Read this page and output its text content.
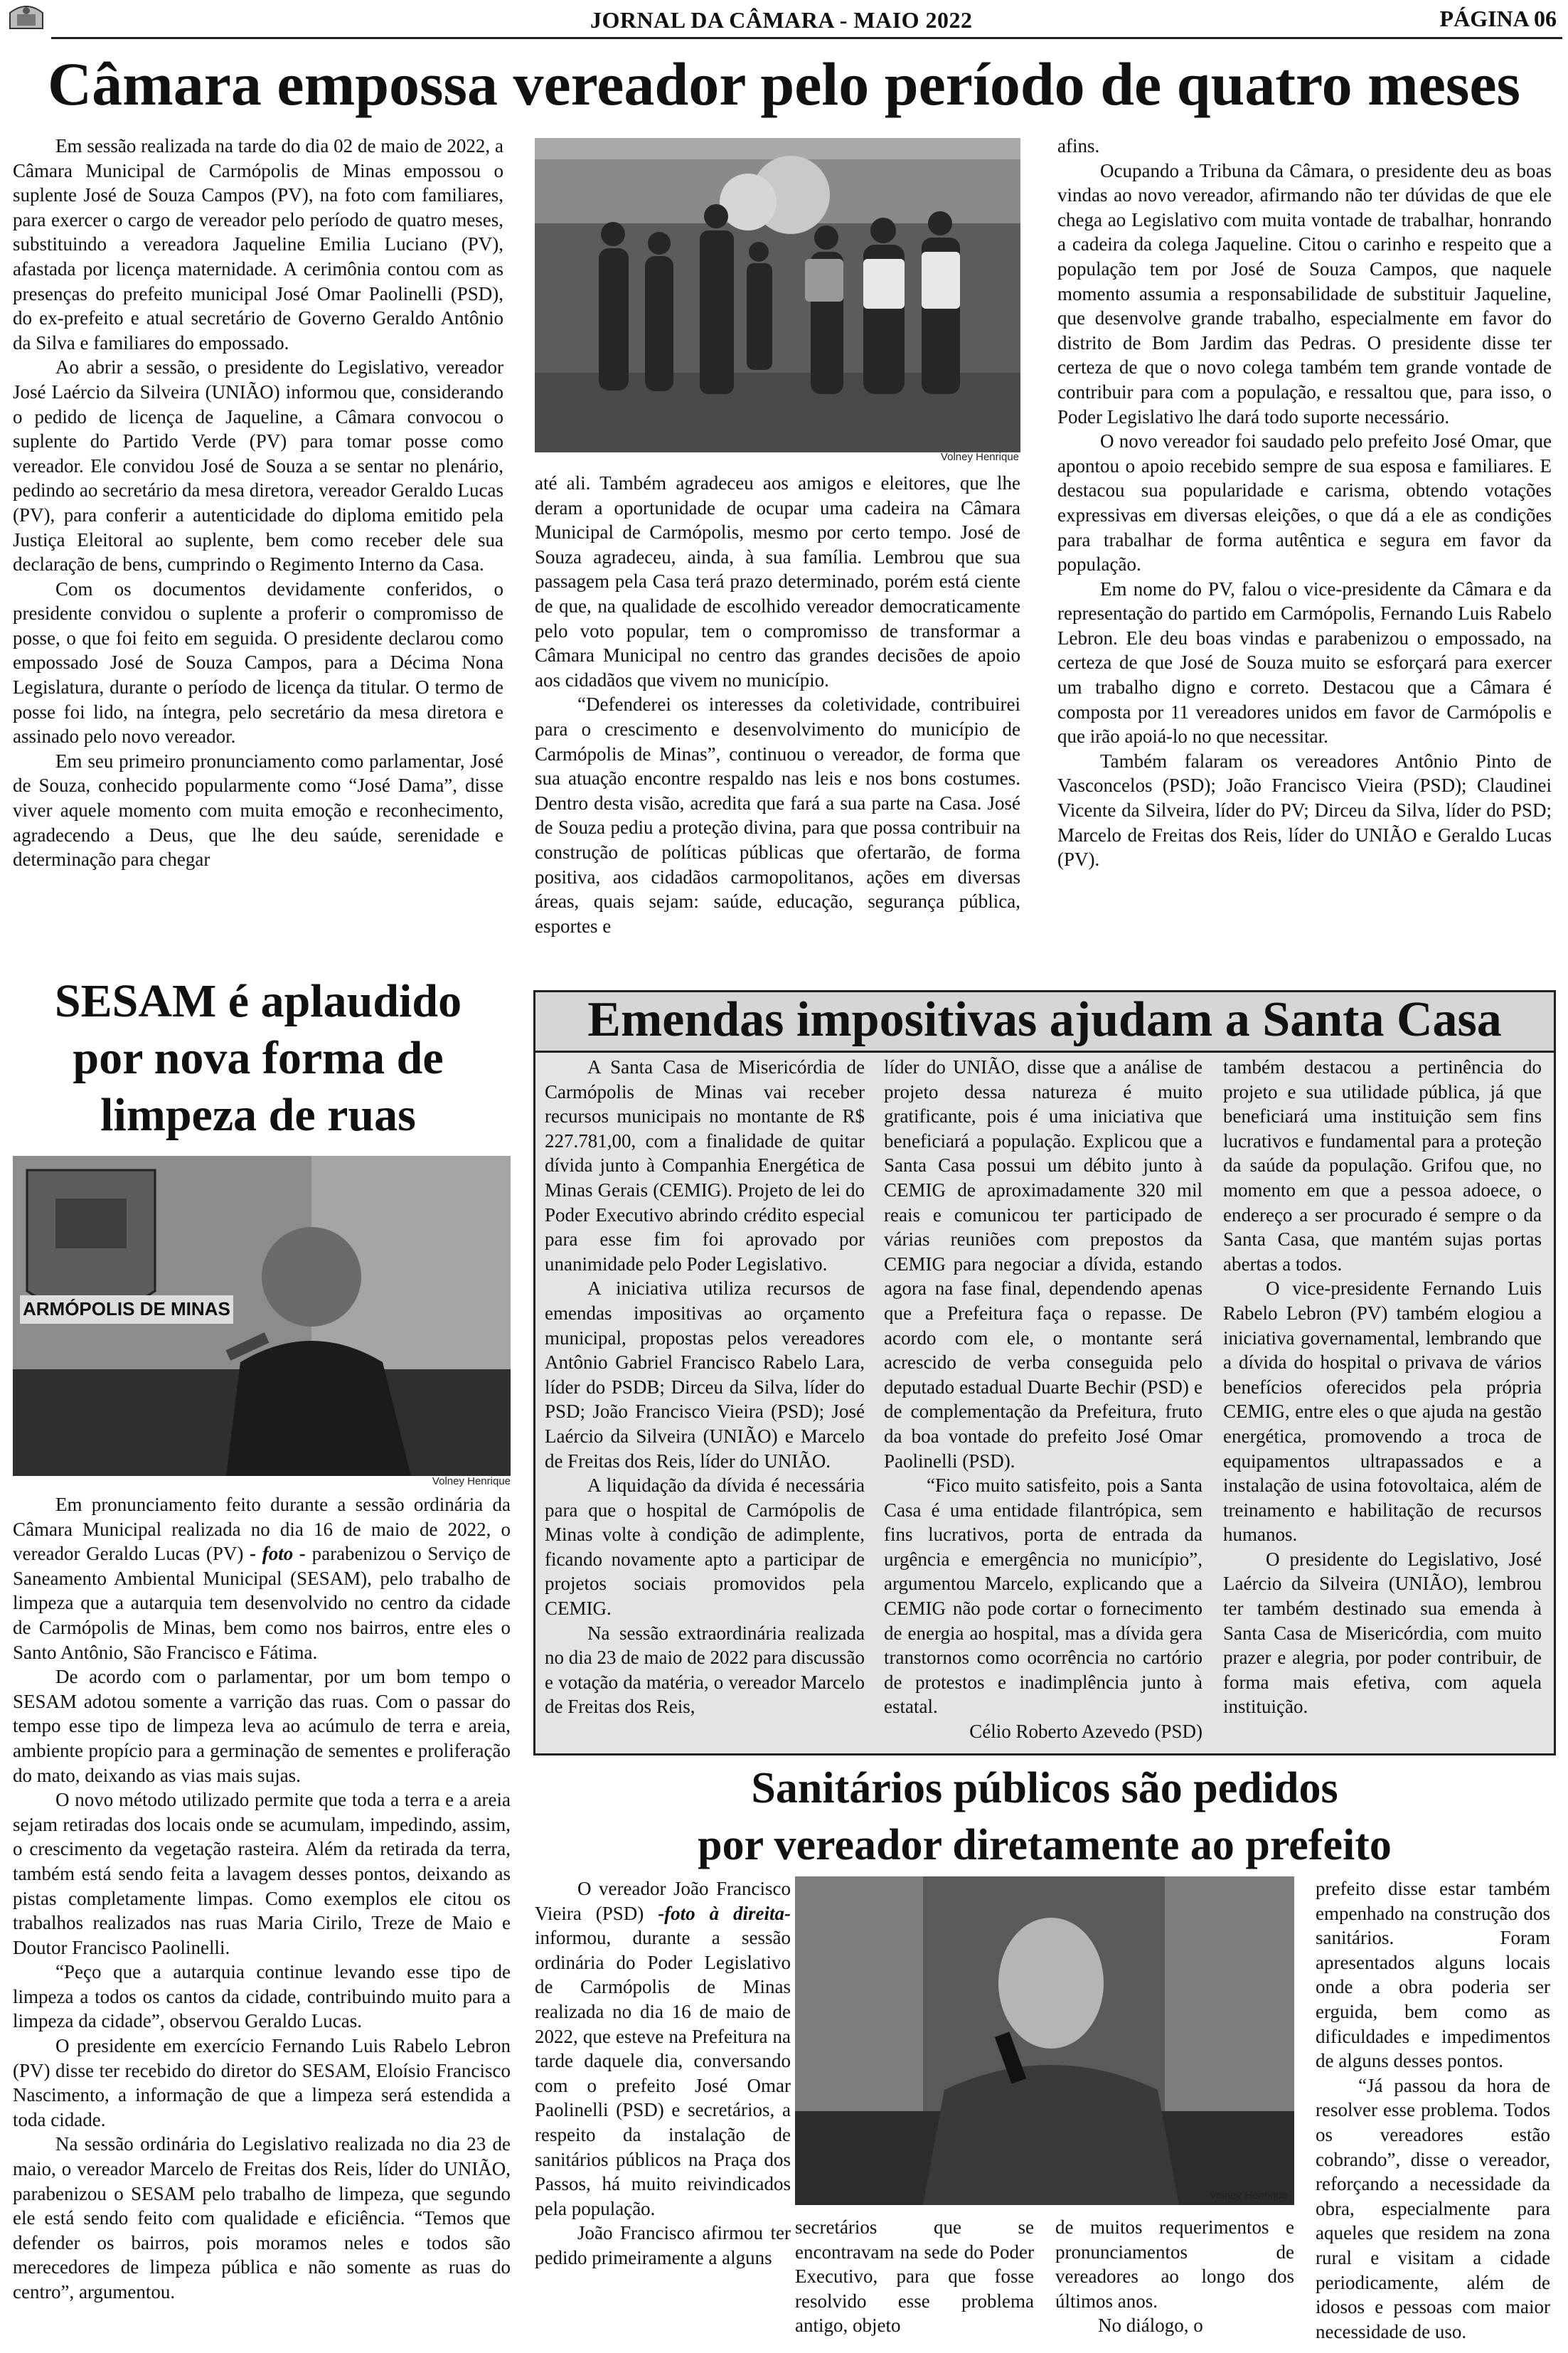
JORNAL DA CÂMARA - MAIO 2022	PÁGINA 06
Câmara empossa vereador pelo período de quatro meses

Em sessão realizada na tarde do dia 02 de maio de 2022, a Câmara Municipal de Carmópolis de Minas empossou o suplente José de Souza Campos (PV), na foto com familiares, para exercer o cargo de vereador pelo período de quatro meses, substituindo a vereadora Jaqueline Emilia Luciano (PV), afastada por licença maternidade. A cerimônia contou com as presenças do prefeito municipal José Omar Paolinelli (PSD), do ex-prefeito e atual secretário de Governo Geraldo Antônio da Silva e familiares do empossado.

Ao abrir a sessão, o presidente do Legislativo, vereador José Laércio da Silveira (UNIÃO) informou que, considerando o pedido de licença de Jaqueline, a Câmara convocou o suplente do Partido Verde (PV) para tomar posse como vereador. Ele convidou José de Souza a se sentar no plenário, pedindo ao secretário da mesa diretora, vereador Geraldo Lucas (PV), para conferir a autenticidade do diploma emitido pela Justiça Eleitoral ao suplente, bem como receber dele sua declaração de bens, cumprindo o Regimento Interno da Casa.

Com os documentos devidamente conferidos, o presidente convidou o suplente a proferir o compromisso de posse, o que foi feito em seguida. O presidente declarou como empossado José de Souza Campos, para a Décima Nona Legislatura, durante o período de licença da titular. O termo de posse foi lido, na íntegra, pelo secretário da mesa diretora e assinado pelo novo vereador.

Em seu primeiro pronunciamento como parlamentar, José de Souza, conhecido popularmente como “José Dama”, disse viver aquele momento com muita emoção e reconhecimento, agradecendo a Deus, que lhe deu saúde, serenidade e determinação para chegar

Volney Henrique

até ali. Também agradeceu aos amigos e eleitores, que lhe deram a oportunidade de ocupar uma cadeira na Câmara Municipal de Carmópolis, mesmo por certo tempo. José de Souza agradeceu, ainda, à sua família. Lembrou que sua passagem pela Casa terá prazo determinado, porém está ciente de que, na qualidade de escolhido vereador democraticamente pelo voto popular, tem o compromisso de transformar a Câmara Municipal no centro das grandes decisões de apoio aos cidadãos que vivem no município.

“Defenderei os interesses da coletividade, contribuirei para o crescimento e desenvolvimento do município de Carmópolis de Minas”, continuou o vereador, de forma que sua atuação encontre respaldo nas leis e nos bons costumes. Dentro desta visão, acredita que fará a sua parte na Casa. José de Souza pediu a proteção divina, para que possa contribuir na construção de políticas públicas que ofertarão, de forma positiva, aos cidadãos carmopolitanos, ações em diversas áreas, quais sejam: saúde, educação, segurança pública, esportes e

afins.

Ocupando a Tribuna da Câmara, o presidente deu as boas vindas ao novo vereador, afirmando não ter dúvidas de que ele chega ao Legislativo com muita vontade de trabalhar, honrando a cadeira da colega Jaqueline. Citou o carinho e respeito que a população tem por José de Souza Campos, que naquele momento assumia a responsabilidade de substituir Jaqueline, que desenvolve grande trabalho, especialmente em favor do distrito de Bom Jardim das Pedras. O presidente disse ter certeza de que o novo colega também tem grande vontade de contribuir para com a população, e ressaltou que, para isso, o Poder Legislativo lhe dará todo suporte necessário.

O novo vereador foi saudado pelo prefeito José Omar, que apontou o apoio recebido sempre de sua esposa e familiares. E destacou sua popularidade e carisma, obtendo votações expressivas em diversas eleições, o que dá a ele as condições para trabalhar de forma autêntica e segura em favor da população.

Em nome do PV, falou o vice-presidente da Câmara e da representação do partido em Carmópolis, Fernando Luis Rabelo Lebron. Ele deu boas vindas e parabenizou o empossado, na certeza de que José de Souza muito se esforçará para exercer um trabalho digno e correto. Destacou que a Câmara é composta por 11 vereadores unidos em favor de Carmópolis e que irão apoiá-lo no que necessitar.

Também falaram os vereadores Antônio Pinto de Vasconcelos (PSD); João Francisco Vieira (PSD); Claudinei Vicente da Silveira, líder do PV; Dirceu da Silva, líder do PSD; Marcelo de Freitas dos Reis, líder do UNIÃO e Geraldo Lucas (PV).

SESAM é aplaudido
por nova forma de
limpeza de ruas
ARMÓPOLIS DE MINAS
Volney Henrique

Em pronunciamento feito durante a sessão ordinária da Câmara Municipal realizada no dia 16 de maio de 2022, o vereador Geraldo Lucas (PV) - foto - parabenizou o Serviço de Saneamento Ambiental Municipal (SESAM), pelo trabalho de limpeza que a autarquia tem desenvolvido no centro da cidade de Carmópolis de Minas, bem como nos bairros, entre eles o Santo Antônio, São Francisco e Fátima.

De acordo com o parlamentar, por um bom tempo o SESAM adotou somente a varrição das ruas. Com o passar do tempo esse tipo de limpeza leva ao acúmulo de terra e areia, ambiente propício para a germinação de sementes e proliferação do mato, deixando as vias mais sujas.

O novo método utilizado permite que toda a terra e a areia sejam retiradas dos locais onde se acumulam, impedindo, assim, o crescimento da vegetação rasteira. Além da retirada da terra, também está sendo feita a lavagem desses pontos, deixando as pistas completamente limpas. Como exemplos ele citou os trabalhos realizados nas ruas Maria Cirilo, Treze de Maio e Doutor Francisco Paolinelli.

“Peço que a autarquia continue levando esse tipo de limpeza a todos os cantos da cidade, contribuindo muito para a limpeza da cidade”, observou Geraldo Lucas.

O presidente em exercício Fernando Luis Rabelo Lebron (PV) disse ter recebido do diretor do SESAM, Eloísio Francisco Nascimento, a informação de que a limpeza será estendida a toda cidade.

Na sessão ordinária do Legislativo realizada no dia 23 de maio, o vereador Marcelo de Freitas dos Reis, líder do UNIÃO, parabenizou o SESAM pelo trabalho de limpeza, que segundo ele está sendo feito com qualidade e eficiência. “Temos que defender os bairros, pois moramos neles e todos são merecedores de limpeza pública e não somente as ruas do centro”, argumentou.

Emendas impositivas ajudam a Santa Casa

A Santa Casa de Misericórdia de Carmópolis de Minas vai receber recursos municipais no montante de R$ 227.781,00, com a finalidade de quitar dívida junto à Companhia Energética de Minas Gerais (CEMIG). Projeto de lei do Poder Executivo abrindo crédito especial para esse fim foi aprovado por unanimidade pelo Poder Legislativo.

A iniciativa utiliza recursos de emendas impositivas ao orçamento municipal, propostas pelos vereadores Antônio Gabriel Francisco Rabelo Lara, líder do PSDB; Dirceu da Silva, líder do PSD; João Francisco Vieira (PSD); José Laércio da Silveira (UNIÃO) e Marcelo de Freitas dos Reis, líder do UNIÃO.

A liquidação da dívida é necessária para que o hospital de Carmópolis de Minas volte à condição de adimplente, ficando novamente apto a participar de projetos sociais promovidos pela CEMIG.

Na sessão extraordinária realizada no dia 23 de maio de 2022 para discussão e votação da matéria, o vereador Marcelo de Freitas dos Reis,

líder do UNIÃO, disse que a análise de projeto dessa natureza é muito gratificante, pois é uma iniciativa que beneficiará a população. Explicou que a Santa Casa possui um débito junto à CEMIG de aproximadamente 320 mil reais e comunicou ter participado de várias reuniões com prepostos da CEMIG para negociar a dívida, estando agora na fase final, dependendo apenas que a Prefeitura faça o repasse. De acordo com ele, o montante será acrescido de verba conseguida pelo deputado estadual Duarte Bechir (PSD) e de complementação da Prefeitura, fruto da boa vontade do prefeito José Omar Paolinelli (PSD).

“Fico muito satisfeito, pois a Santa Casa é uma entidade filantrópica, sem fins lucrativos, porta de entrada da urgência e emergência no município”, argumentou Marcelo, explicando que a CEMIG não pode cortar o fornecimento de energia ao hospital, mas a dívida gera transtornos como ocorrência no cartório de protestos e inadimplência junto à estatal.

Célio Roberto Azevedo (PSD)

também destacou a pertinência do projeto e sua utilidade pública, já que beneficiará uma instituição sem fins lucrativos e fundamental para a proteção da saúde da população. Grifou que, no momento em que a pessoa adoece, o endereço a ser procurado é sempre o da Santa Casa, que mantém sujas portas abertas a todos.

O vice-presidente Fernando Luis Rabelo Lebron (PV) também elogiou a iniciativa governamental, lembrando que a dívida do hospital o privava de vários benefícios oferecidos pela própria CEMIG, entre eles o que ajuda na gestão energética, promovendo a troca de equipamentos ultrapassados e a instalação de usina fotovoltaica, além de treinamento e habilitação de recursos humanos.

O presidente do Legislativo, José Laércio da Silveira (UNIÃO), lembrou ter também destinado sua emenda à Santa Casa de Misericórdia, com muito prazer e alegria, por poder contribuir, de forma mais efetiva, com aquela instituição.

Sanitários públicos são pedidos
por vereador diretamente ao prefeito

O vereador João Francisco Vieira (PSD) -foto à direita- informou, durante a sessão ordinária do Poder Legislativo de Carmópolis de Minas realizada no dia 16 de maio de 2022, que esteve na Prefeitura na tarde daquele dia, conversando com o prefeito José Omar Paolinelli (PSD) e secretários, a respeito da instalação de sanitários públicos na Praça dos Passos, há muito reivindicados pela população.

João Francisco afirmou ter pedido primeiramente a alguns

Volney Henrique

secretários que se encontravam na sede do Poder Executivo, para que fosse resolvido esse problema antigo, objeto

de muitos requerimentos e pronunciamentos de vereadores ao longo dos últimos anos.

No diálogo, o

prefeito disse estar também empenhado na construção dos sanitários. Foram apresentados alguns locais onde a obra poderia ser erguida, bem como as dificuldades e impedimentos de alguns desses pontos.

“Já passou da hora de resolver esse problema. Todos os vereadores estão cobrando”, disse o vereador, reforçando a necessidade da obra, especialmente para aqueles que residem na zona rural e visitam a cidade periodicamente, além de idosos e pessoas com maior necessidade de uso.
